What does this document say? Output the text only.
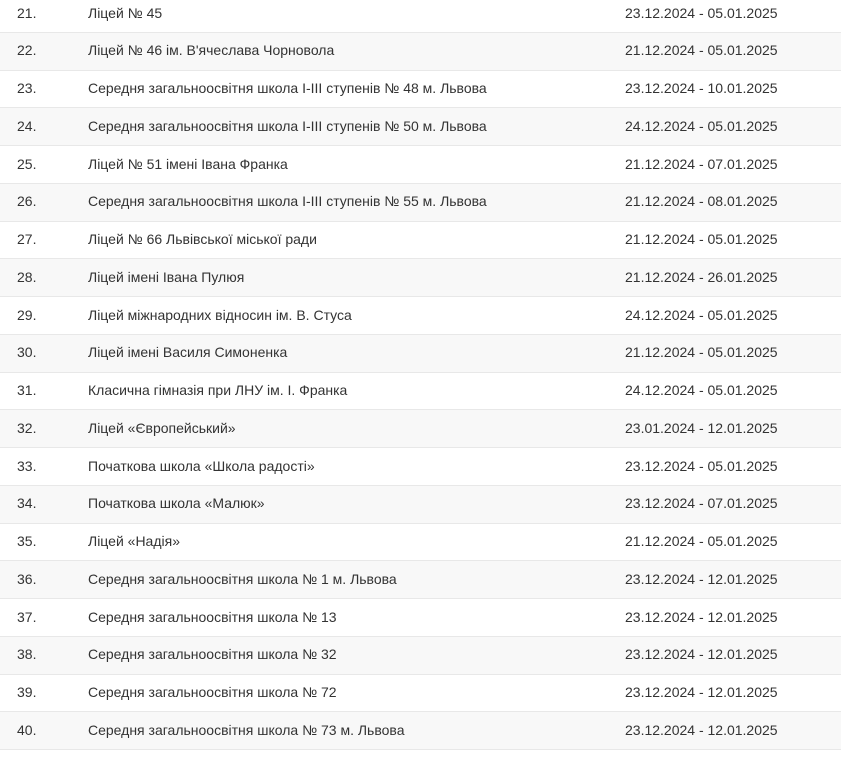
21.	Ліцей № 45	23.12.2024 - 05.01.2025
22.	Ліцей № 46 ім. В'ячеслава Чорновола	21.12.2024 - 05.01.2025
23.	Середня загальноосвітня школа І-ІІІ ступенів № 48 м. Львова	23.12.2024 - 10.01.2025
24.	Середня загальноосвітня школа І-ІІІ ступенів № 50 м. Львова	24.12.2024 - 05.01.2025
25.	Ліцей № 51 імені Івана Франка	21.12.2024 - 07.01.2025
26.	Середня загальноосвітня школа І-ІІІ ступенів № 55 м. Львова	21.12.2024 - 08.01.2025
27.	Ліцей № 66 Львівської міської ради	21.12.2024 - 05.01.2025
28.	Ліцей імені Івана Пулюя	21.12.2024 - 26.01.2025
29.	Ліцей міжнародних відносин ім. В. Стуса	24.12.2024 - 05.01.2025
30.	Ліцей імені Василя Симоненка	21.12.2024 - 05.01.2025
31.	Класична гімназія при ЛНУ ім. І. Франка	24.12.2024 - 05.01.2025
32.	Ліцей «Європейський»	23.01.2024 - 12.01.2025
33.	Початкова школа «Школа радості»	23.12.2024 - 05.01.2025
34.	Початкова школа «Малюк»	23.12.2024 - 07.01.2025
35.	Ліцей «Надія»	21.12.2024 - 05.01.2025
36.	Середня загальноосвітня школа № 1 м. Львова	23.12.2024 - 12.01.2025
37.	Середня загальноосвітня школа № 13	23.12.2024 - 12.01.2025
38.	Середня загальноосвітня школа № 32	23.12.2024 - 12.01.2025
39.	Середня загальноосвітня школа № 72	23.12.2024 - 12.01.2025
40.	Середня загальноосвітня школа № 73 м. Львова	23.12.2024 - 12.01.2025
